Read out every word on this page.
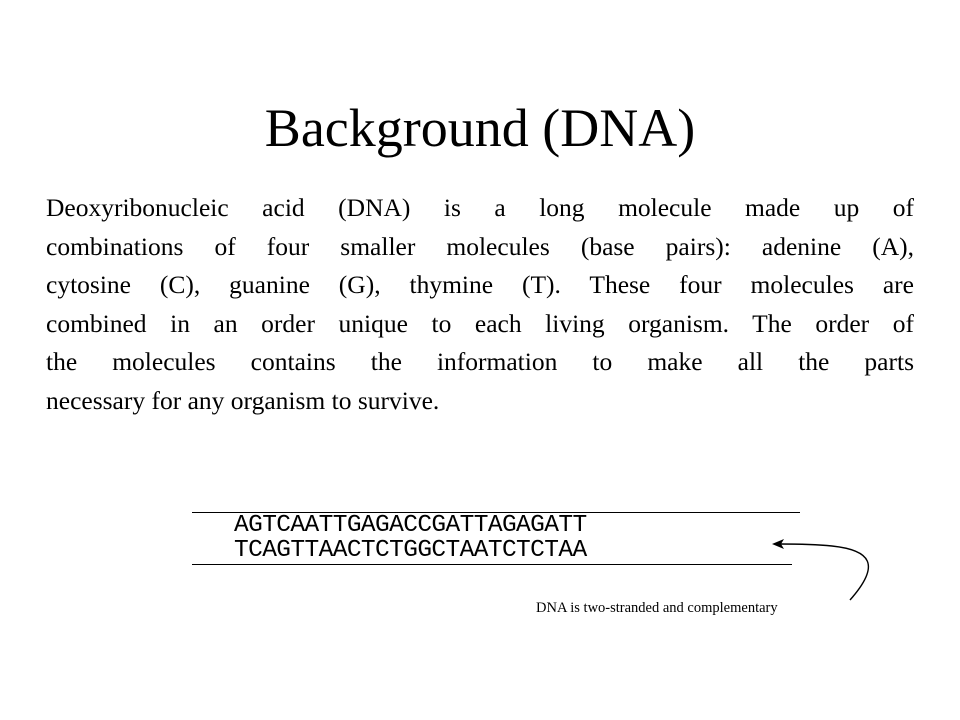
Background (DNA)
Deoxyribonucleic acid (DNA) is a long molecule made up of
combinations of four smaller molecules (base pairs): adenine (A),
cytosine (C), guanine (G), thymine (T). These four molecules are
combined in an order unique to each living organism. The order of
the molecules contains the information to make all the parts
necessary for any organism to survive.
AGTCAATTGAGACCGATTAGAGATT
TCAGTTAACTCTGGCTAATCTCTAA
DNA is two-stranded and complementary
